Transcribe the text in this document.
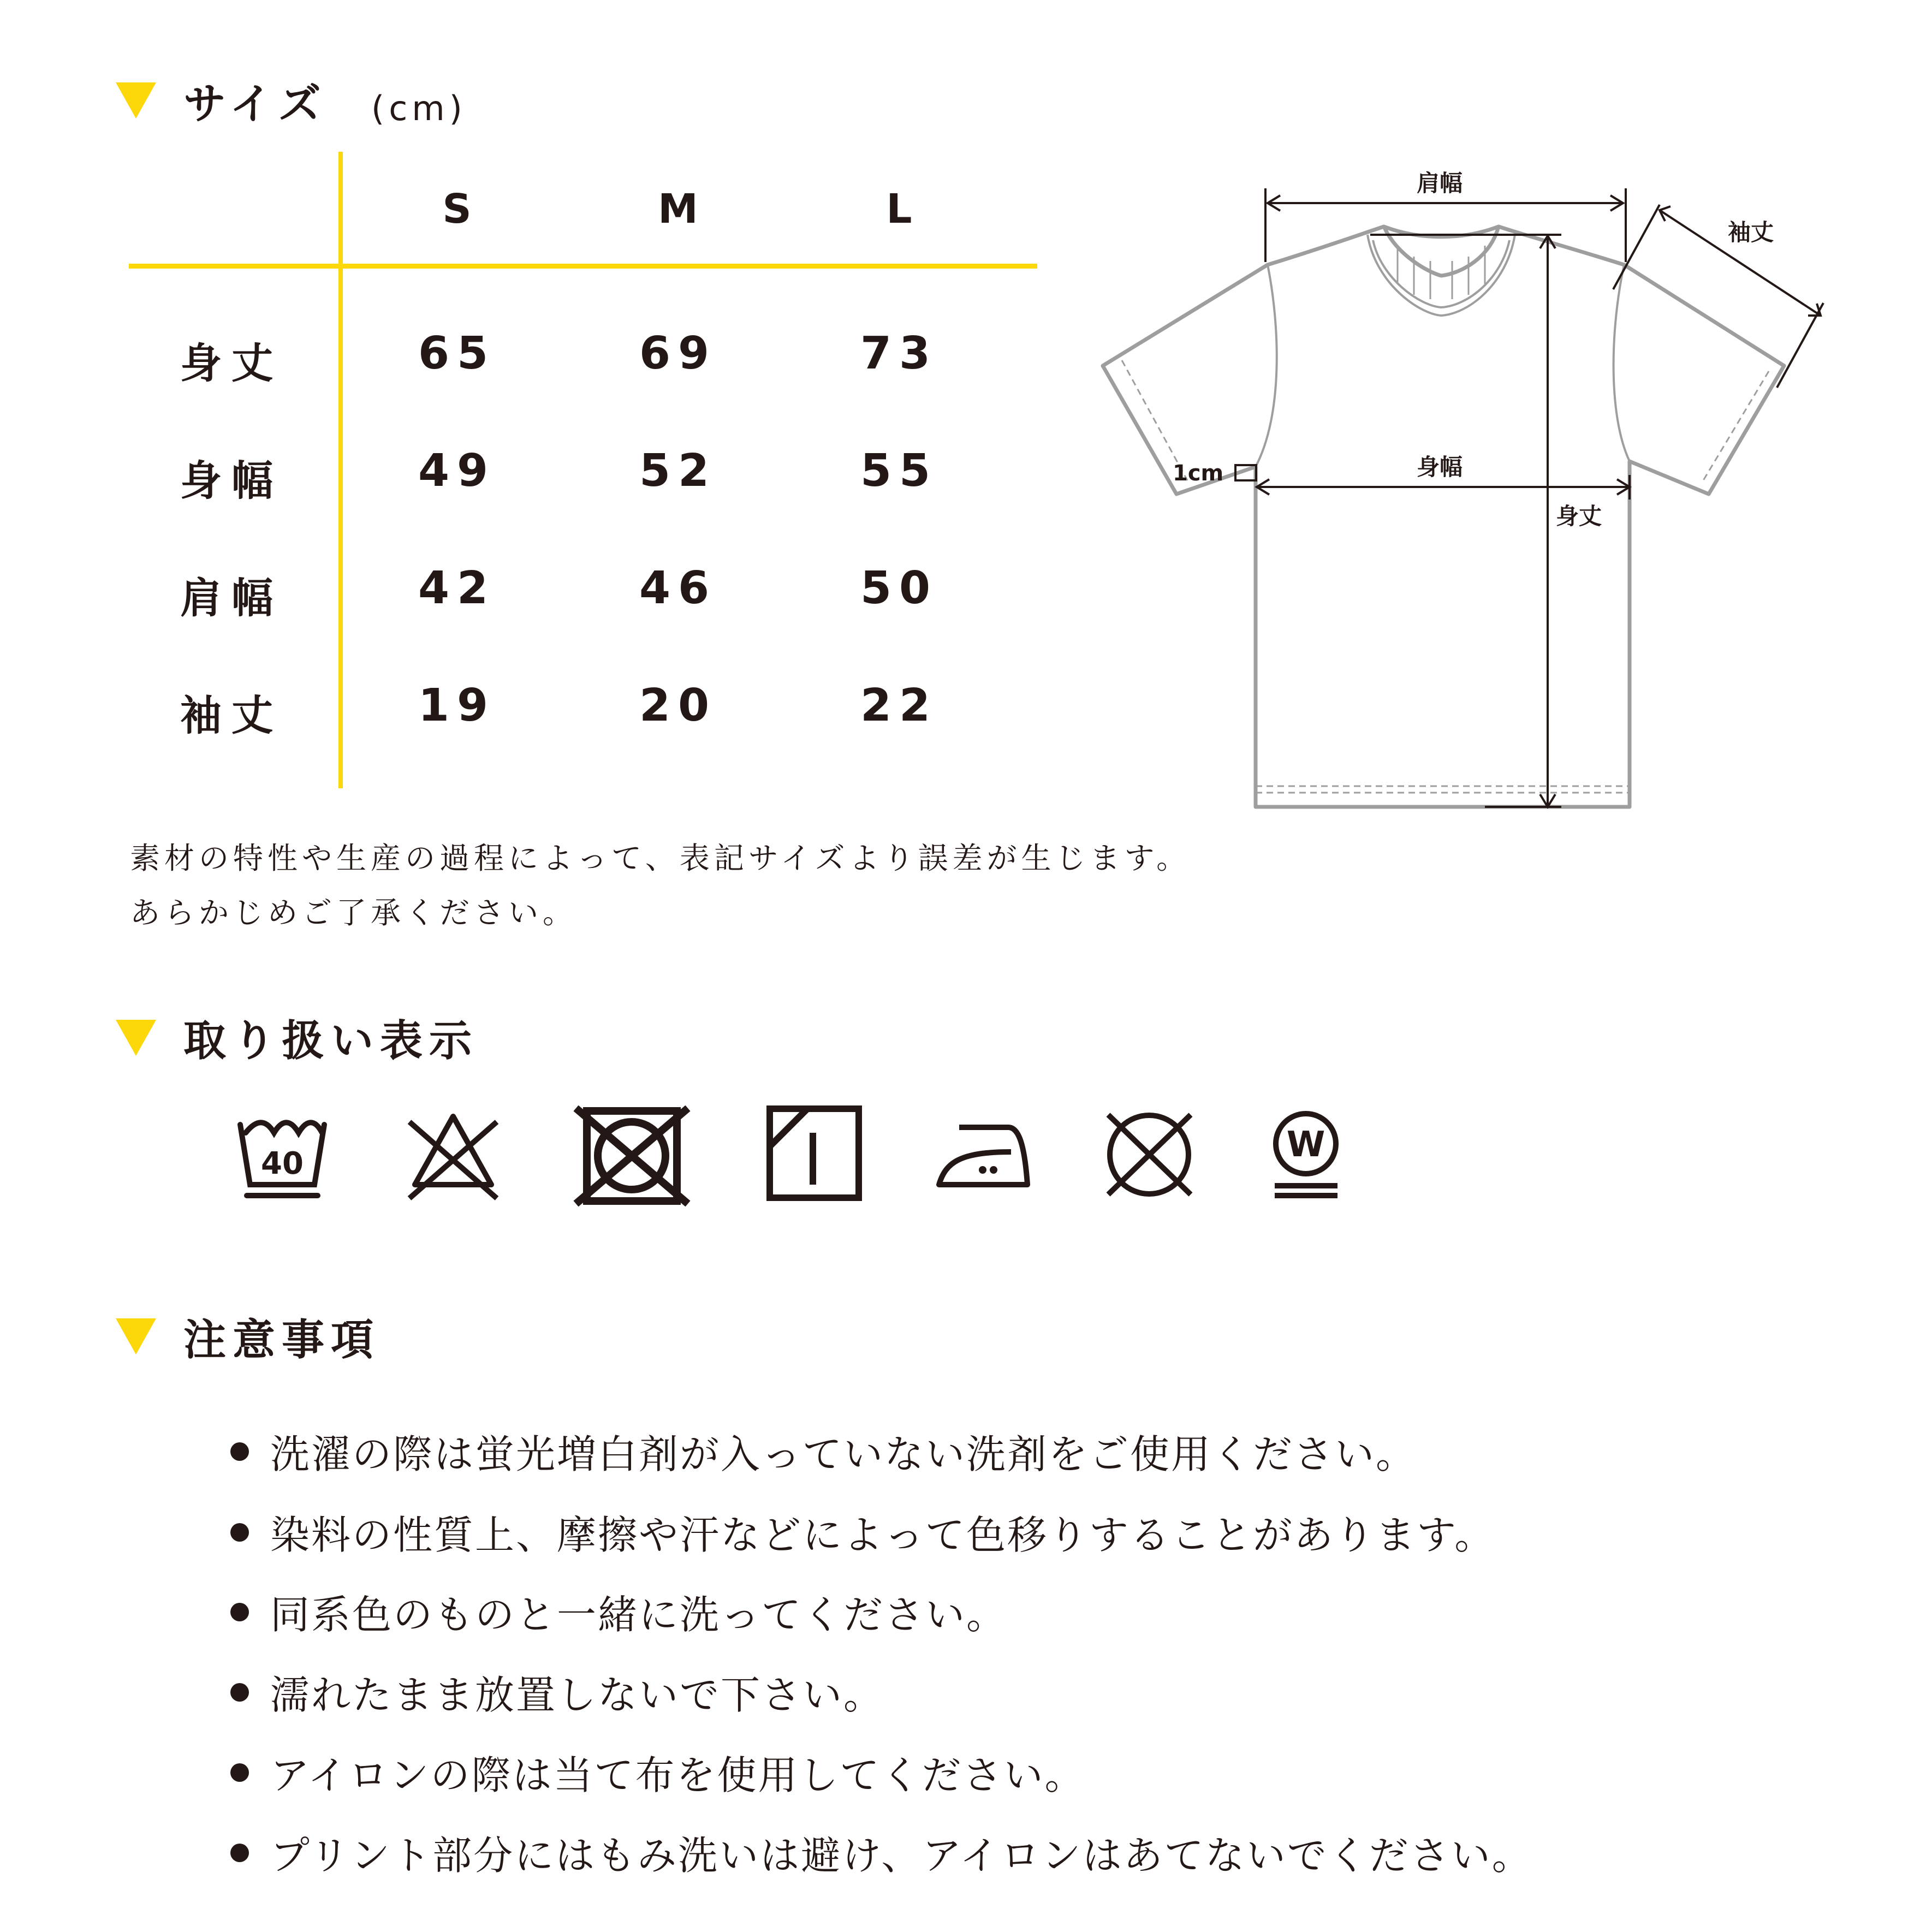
サイズ (cm)
S	M	L
身丈	65	69	73
身幅	49	52	55
肩幅	42	46	50
袖丈	19	20	22
肩幅
袖丈
身幅
身丈
1cm
素材の特性や生産の過程によって、表記サイズより誤差が生じます。
あらかじめご了承ください。
取り扱い表示
40	W
注意事項
洗濯の際は蛍光増白剤が入っていない洗剤をご使用ください。
染料の性質上、摩擦や汗などによって色移りすることがあります。
同系色のものと一緒に洗ってください。
濡れたまま放置しないで下さい。
アイロンの際は当て布を使用してください。
プリント部分にはもみ洗いは避け、アイロンはあてないでください。
